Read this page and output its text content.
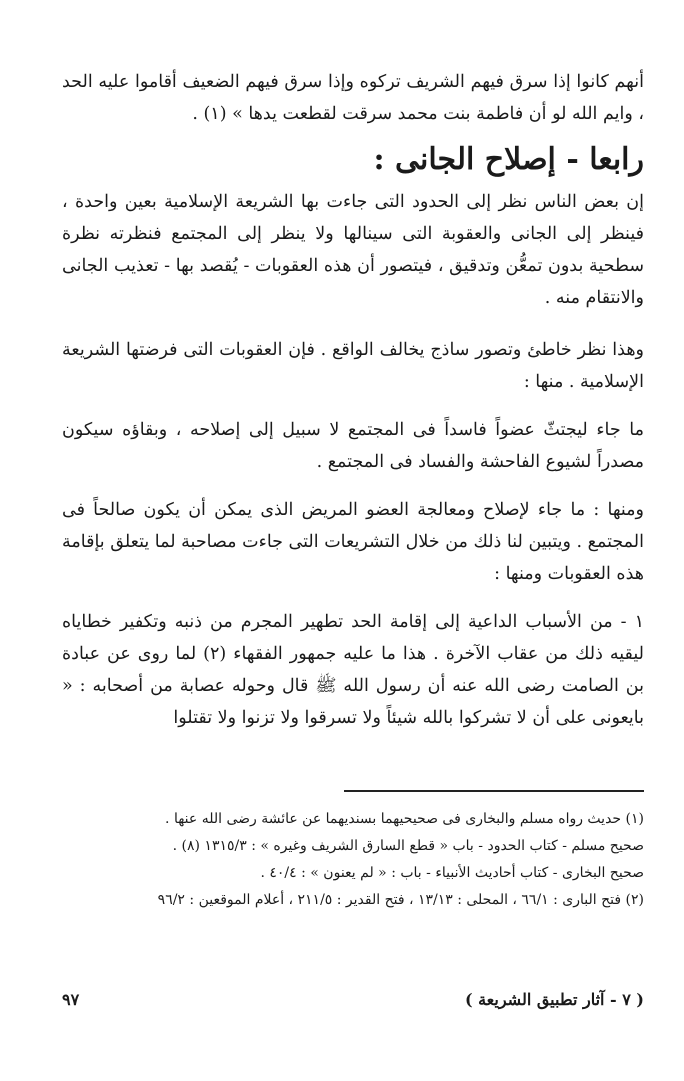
أنهم كانوا إذا سرق فيهم الشريف تركوه وإذا سرق فيهم الضعيف أقاموا عليه الحد ، وايم الله لو أن فاطمة بنت محمد سرقت لقطعت يدها » (١) .

رابعا - إصلاح الجانى :

إن بعض الناس نظر إلى الحدود التى جاءت بها الشريعة الإسلامية بعين واحدة ، فينظر إلى الجانى والعقوبة التى سينالها ولا ينظر إلى المجتمع فنظرته نظرة سطحية بدون تمعُّن وتدقيق ، فيتصور أن هذه العقوبات - يُقصد بها - تعذيب الجانى والانتقام منه .

وهذا نظر خاطئ وتصور ساذج يخالف الواقع . فإن العقوبات التى فرضتها الشريعة الإسلامية . منها :

ما جاء ليجتثّ عضواً فاسداً فى المجتمع لا سبيل إلى إصلاحه ، وبقاؤه سيكون مصدراً لشيوع الفاحشة والفساد فى المجتمع .

ومنها : ما جاء لإصلاح ومعالجة العضو المريض الذى يمكن أن يكون صالحاً فى المجتمع . ويتبين لنا ذلك من خلال التشريعات التى جاءت مصاحبة لما يتعلق بإقامة هذه العقوبات ومنها :

١ - من الأسباب الداعية إلى إقامة الحد تطهير المجرم من ذنبه وتكفير خطاياه ليقيه ذلك من عقاب الآخرة . هذا ما عليه جمهور الفقهاء (٢) لما روى عن عبادة بن الصامت رضى الله عنه أن رسول الله ﷺ قال وحوله عصابة من أصحابه : « بايعونى على أن لا تشركوا بالله شيئاً ولا تسرقوا ولا تزنوا ولا تقتلوا

(١) حديث رواه مسلم والبخارى فى صحيحيهما بسنديهما عن عائشة رضى الله عنها .

صحيح مسلم - كتاب الحدود - باب « قطع السارق الشريف وغيره » : ١٣١٥/٣ (٨) .

صحيح البخارى - كتاب أحاديث الأنبياء - باب : « لم يعنون » : ٤٠/٤ .

(٢) فتح البارى : ٦٦/١ ، المحلى : ١٣/١٣ ، فتح القدير : ٢١١/٥ ، أعلام الموقعين : ٩٦/٢

( ٧ - آثار تطبيق الشريعة )
٩٧
